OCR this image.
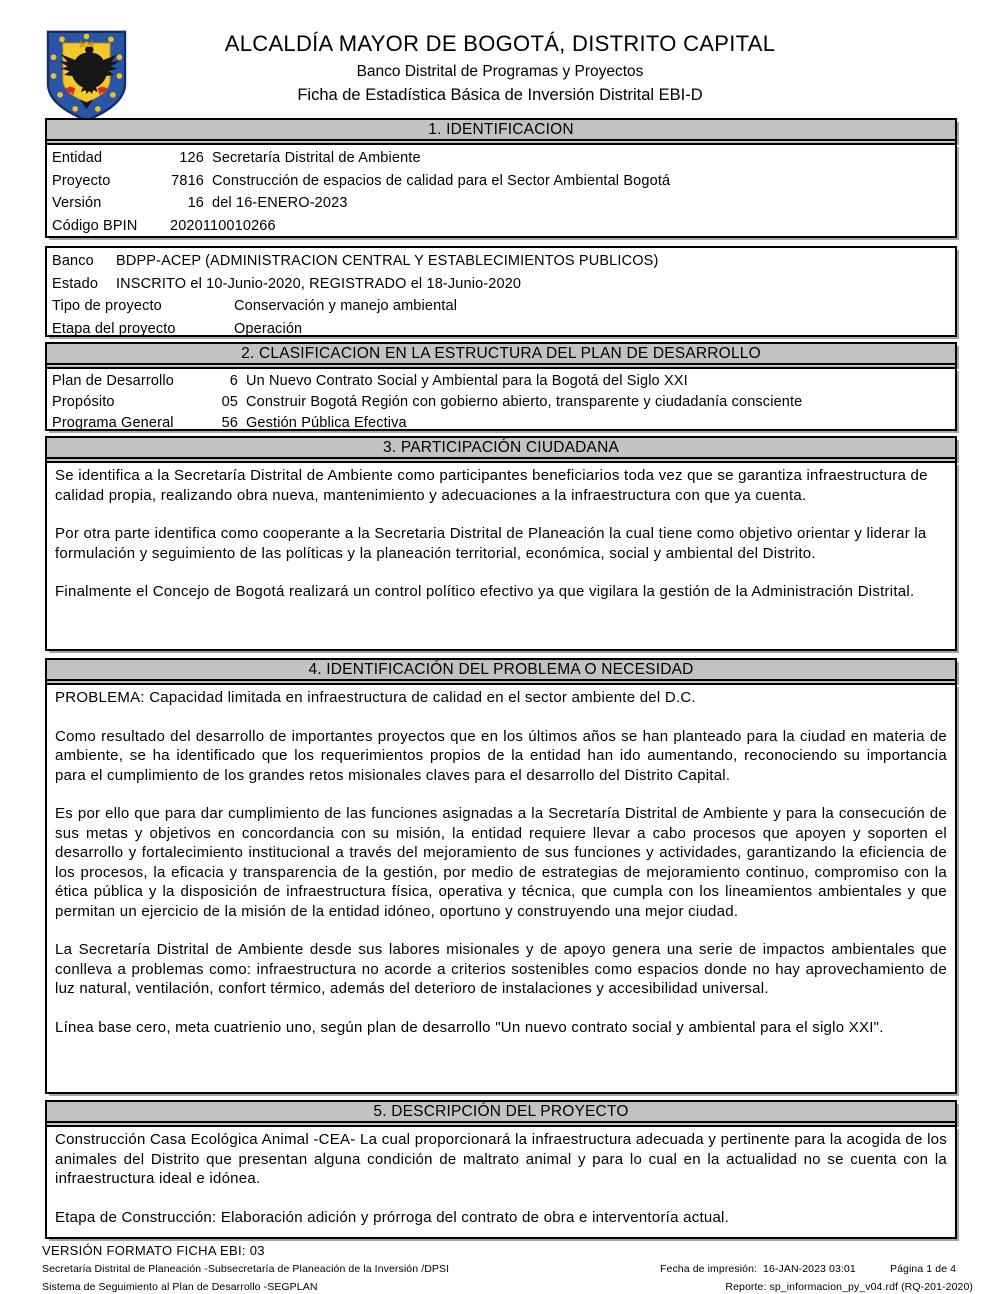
ALCALDÍA MAYOR DE BOGOTÁ, DISTRITO CAPITAL
Banco Distrital de Programas y Proyectos
Ficha de Estadística Básica de Inversión Distrital EBI-D
1. IDENTIFICACION
Entidad	126 Secretaría Distrital de Ambiente
Proyecto	7816 Construcción de espacios de calidad para el Sector Ambiental Bogotá
Versión	16 del 16-ENERO-2023
Código BPIN	2020110010266
Banco	BDPP-ACEP (ADMINISTRACION CENTRAL Y ESTABLECIMIENTOS PUBLICOS)
Estado	INSCRITO el 10-Junio-2020, REGISTRADO el 18-Junio-2020
Tipo de proyecto	Conservación y manejo ambiental
Etapa del proyecto	Operación
2. CLASIFICACION EN LA ESTRUCTURA DEL PLAN DE DESARROLLO
Plan de Desarrollo	6 Un Nuevo Contrato Social y Ambiental para la Bogotá del Siglo XXI
Propósito	05 Construir Bogotá Región con gobierno abierto, transparente y ciudadanía consciente
Programa General	56 Gestión Pública Efectiva
3. PARTICIPACIÓN CIUDADANA

Se identifica a la Secretaría Distrital de Ambiente como participantes beneficiarios toda vez que se garantiza infraestructura de calidad propia, realizando obra nueva, mantenimiento y adecuaciones a la infraestructura con que ya cuenta.

Por otra parte identifica como cooperante a la Secretaria Distrital de Planeación la cual tiene como objetivo orientar y liderar la formulación y seguimiento de las políticas y la planeación territorial, económica, social y ambiental del Distrito.

Finalmente el Concejo de Bogotá realizará un control político efectivo ya que vigilara la gestión de la Administración Distrital.

4. IDENTIFICACIÓN DEL PROBLEMA O NECESIDAD

PROBLEMA: Capacidad limitada en infraestructura de calidad en el sector ambiente del D.C.

Como resultado del desarrollo de importantes proyectos que en los últimos años se han planteado para la ciudad en materia de ambiente, se ha identificado que los requerimientos propios de la entidad han ido aumentando, reconociendo su importancia para el cumplimiento de los grandes retos misionales claves para el desarrollo del Distrito Capital.

Es por ello que para dar cumplimiento de las funciones asignadas a la Secretaría Distrital de Ambiente y para la consecución de sus metas y objetivos en concordancia con su misión, la entidad requiere llevar a cabo procesos que apoyen y soporten el desarrollo y fortalecimiento institucional a través del mejoramiento de sus funciones y actividades, garantizando la eficiencia de los procesos, la eficacia y transparencia de la gestión, por medio de estrategias de mejoramiento continuo, compromiso con la ética pública y la disposición de infraestructura física, operativa y técnica, que cumpla con los lineamientos ambientales y que permitan un ejercicio de la misión de la entidad idóneo, oportuno y construyendo una mejor ciudad.

La Secretaría Distrital de Ambiente desde sus labores misionales y de apoyo genera una serie de impactos ambientales que conlleva a problemas como: infraestructura no acorde a criterios sostenibles como espacios donde no hay aprovechamiento de luz natural, ventilación, confort térmico, además del deterioro de instalaciones y accesibilidad universal.

Línea base cero, meta cuatrienio uno, según plan de desarrollo "Un nuevo contrato social y ambiental para el siglo XXI".

5. DESCRIPCIÓN DEL PROYECTO

Construcción Casa Ecológica Animal -CEA- La cual proporcionará la infraestructura adecuada y pertinente para la acogida de los animales del Distrito que presentan alguna condición de maltrato animal y para lo cual en la actualidad no se cuenta con la infraestructura ideal e idónea.

Etapa de Construcción: Elaboración adición y prórroga del contrato de obra e interventoría actual.

VERSIÓN FORMATO FICHA EBI: 03
Secretaría Distrital de Planeación -Subsecretaría de Planeación de la Inversión /DPSI
Sistema de Seguimiento al Plan de Desarrollo -SEGPLAN
Fecha de impresión: 16-JAN-2023 03:01	Página 1 de 4
Reporte: sp_informacion_py_v04.rdf (RQ-201-2020)
